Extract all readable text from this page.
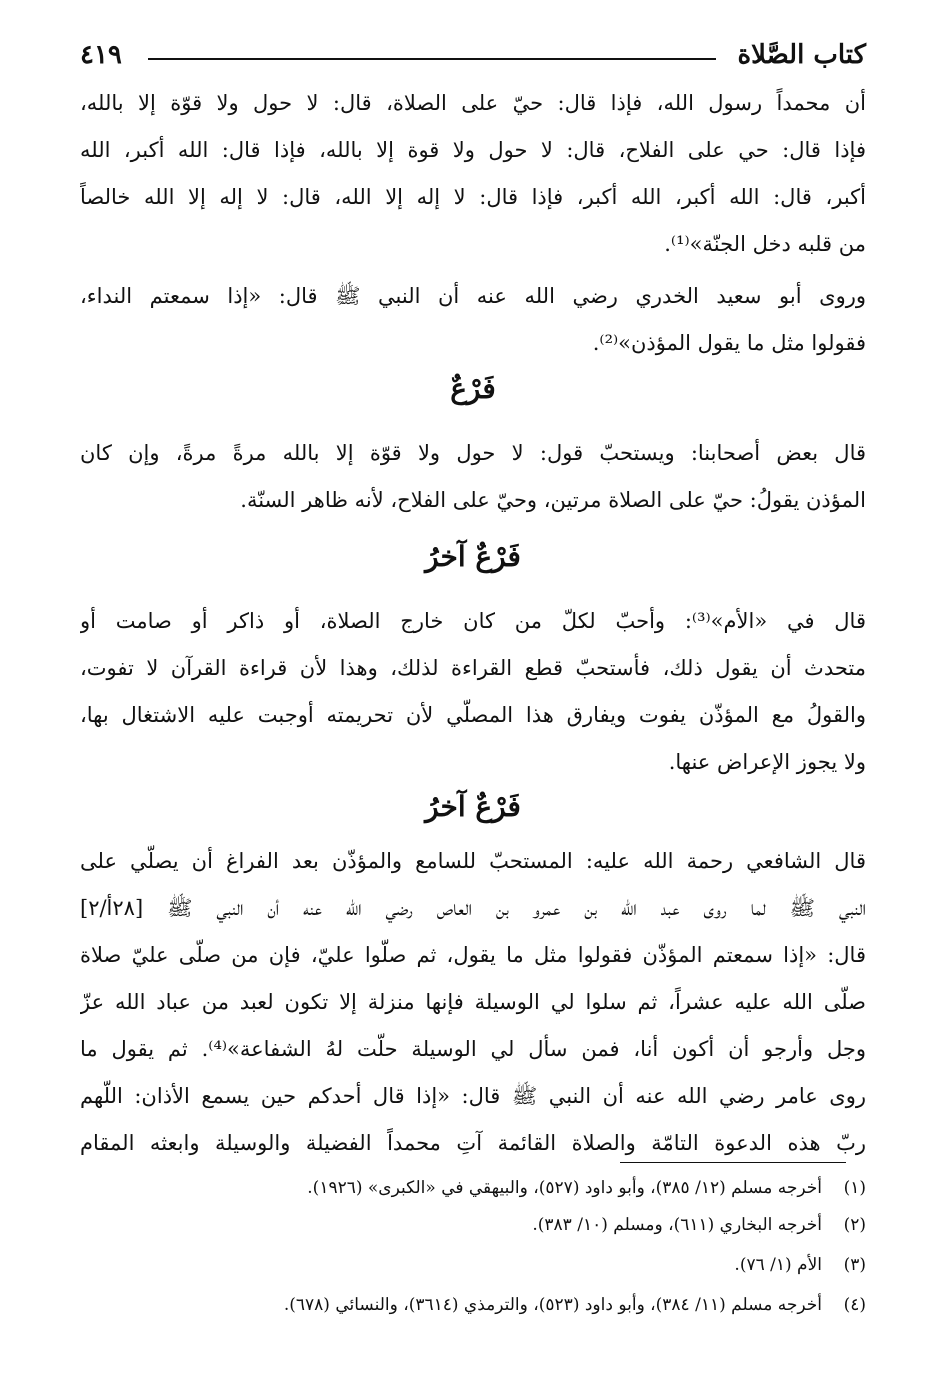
كتاب الصَّلاة
٤١٩
أن محمداً رسول الله، فإذا قال: حيّ على الصلاة، قال: لا حول ولا قوّة إلا بالله،
فإذا قال: حي على الفلاح، قال: لا حول ولا قوة إلا بالله، فإذا قال: الله أكبر، الله
أكبر، قال: الله أكبر، الله أكبر، فإذا قال: لا إله إلا الله، قال: لا إله إلا الله خالصاً
من قلبه دخل الجنّة»⁽¹⁾.
وروى أبو سعيد الخدري رضي الله عنه أن النبي ﷺ قال: «إذا سمعتم النداء،
فقولوا مثل ما يقول المؤذن»⁽²⁾.
فَرْعٌ
قال بعض أصحابنا: ويستحبّ قول: لا حول ولا قوّة إلا بالله مرةً مرةً، وإن كان
المؤذن يقولُ: حيّ على الصلاة مرتين، وحيّ على الفلاح، لأنه ظاهر السنّة.
فَرْعٌ آخرُ
قال في «الأم»⁽³⁾: وأحبّ لكلّ من كان خارج الصلاة، أو ذاكر أو صامت أو
متحدث أن يقول ذلك، فأستحبّ قطع القراءة لذلك، وهذا لأن قراءة القرآن لا تفوت،
والقولُ مع المؤذّن يفوت ويفارق هذا المصلّي لأن تحريمته أوجبت عليه الاشتغال بها،
ولا يجوز الإعراض عنها.
فَرْعٌ آخرُ
قال الشافعي رحمة الله عليه: المستحبّ للسامع والمؤذّن بعد الفراغ أن يصلّي على
النبي ﷺ لما روى عبد الله بن عمرو بن العاص رضي الله عنه أن النبي ﷺ [٢٨أ/٢]
قال: «إذا سمعتم المؤذّن فقولوا مثل ما يقول، ثم صلّوا عليّ، فإن من صلّى عليّ صلاة
صلّى الله عليه عشراً، ثم سلوا لي الوسيلة فإنها منزلة إلا تكون لعبد من عباد الله عزّ
وجل وأرجو أن أكون أنا، فمن سأل لي الوسيلة حلّت لهُ الشفاعة»⁽⁴⁾. ثم يقول ما
روى عامر رضي الله عنه أن النبي ﷺ قال: «إذا قال أحدكم حين يسمع الأذان: اللّهم
ربّ هذه الدعوة التامّة والصلاة القائمة آتِ محمداً الفضيلة والوسيلة وابعثه المقام
(١)أخرجه مسلم (١٢/ ٣٨٥)، وأبو داود (٥٢٧)، والبيهقي في «الكبرى» (١٩٢٦).
(٢)أخرجه البخاري (٦١١)، ومسلم (١٠/ ٣٨٣).
(٣)الأم (١/ ٧٦).
(٤)أخرجه مسلم (١١/ ٣٨٤)، وأبو داود (٥٢٣)، والترمذي (٣٦١٤)، والنسائي (٦٧٨).
